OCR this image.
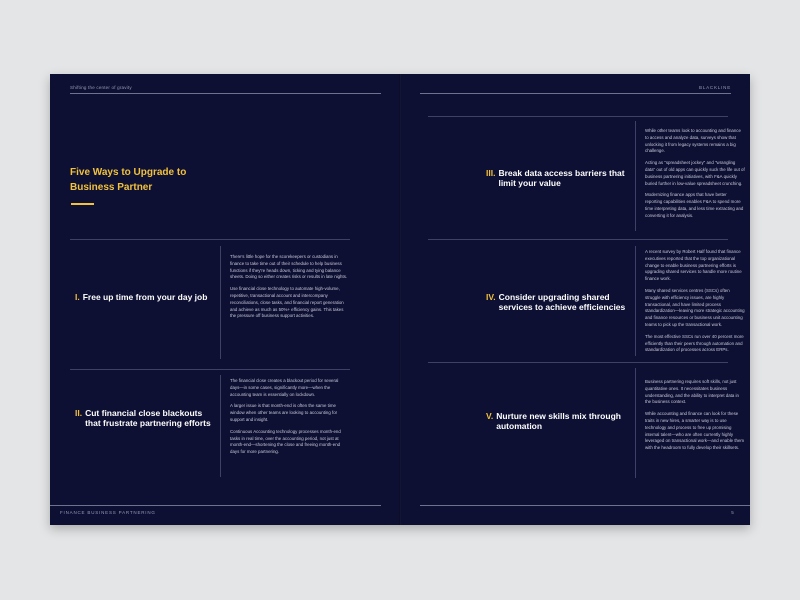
Shifting the center of gravity
Five Ways to Upgrade to Business Partner
I. Free up time from your day job

There's little hope for the scorekeepers or custodians in finance to take time out of their schedule to help business functions if they're heads down, ticking and tying balance sheets. Doing so either creates risks or results in late nights.

Use financial close technology to automate high-volume, repetitive, transactional account and intercompany reconciliations, close tasks, and financial report generation and achieve as much as 50%+ efficiency gains. This takes the pressure off business support activities.

II. Cut financial close blackouts that frustrate partnering efforts

The financial close creates a blackout period for several days—in some cases, significantly more—when the accounting team is essentially on lockdown.

A larger issue is that month-end is often the same time window when other teams are looking to accounting for support and insight.

Continuous Accounting technology processes month-end tasks in real time, over the accounting period, not just at month-end—shortening the close and freeing month-end days for more partnering.

FINANCE BUSINESS PARTNERING
BLACKLINE
III. Break data access barriers that limit your value

While other teams look to accounting and finance to access and analyze data, surveys show that unlocking it from legacy systems remains a big challenge.

Acting as "spreadsheet jockey" and "wrangling data" out of old apps can quickly suck the life out of business partnering initiatives, with F&A quickly buried further in low-value spreadsheet crunching.

Modernizing finance apps that have better reporting capabilities enables F&A to spend more time interpreting data, and less time extracting and converting it for analysis.

IV. Consider upgrading shared services to achieve efficiencies

A recent survey by Robert Half found that finance executives reported that the top organizational change to enable business partnering efforts is upgrading shared services to handle more routine finance work.

Many shared services centres (SSCs) often struggle with efficiency issues, are highly transactional, and have limited process standardization—leaving more strategic accounting and finance resources or business unit accounting teams to pick up the transactional work.

The most effective SSCs run over 40 percent more efficiently than their peers through automation and standardization of processes across ERPs.

V. Nurture new skills mix through automation

Business partnering requires soft skills, not just quantitative ones. It necessitates business understanding, and the ability to interpret data in the business context.

While accounting and finance can look for these traits in new hires, a smarter way is to use technology and process to free up promising internal talent—who are often currently highly leveraged on transactional work—and enable them with the headroom to fully develop their skillsets.

5
